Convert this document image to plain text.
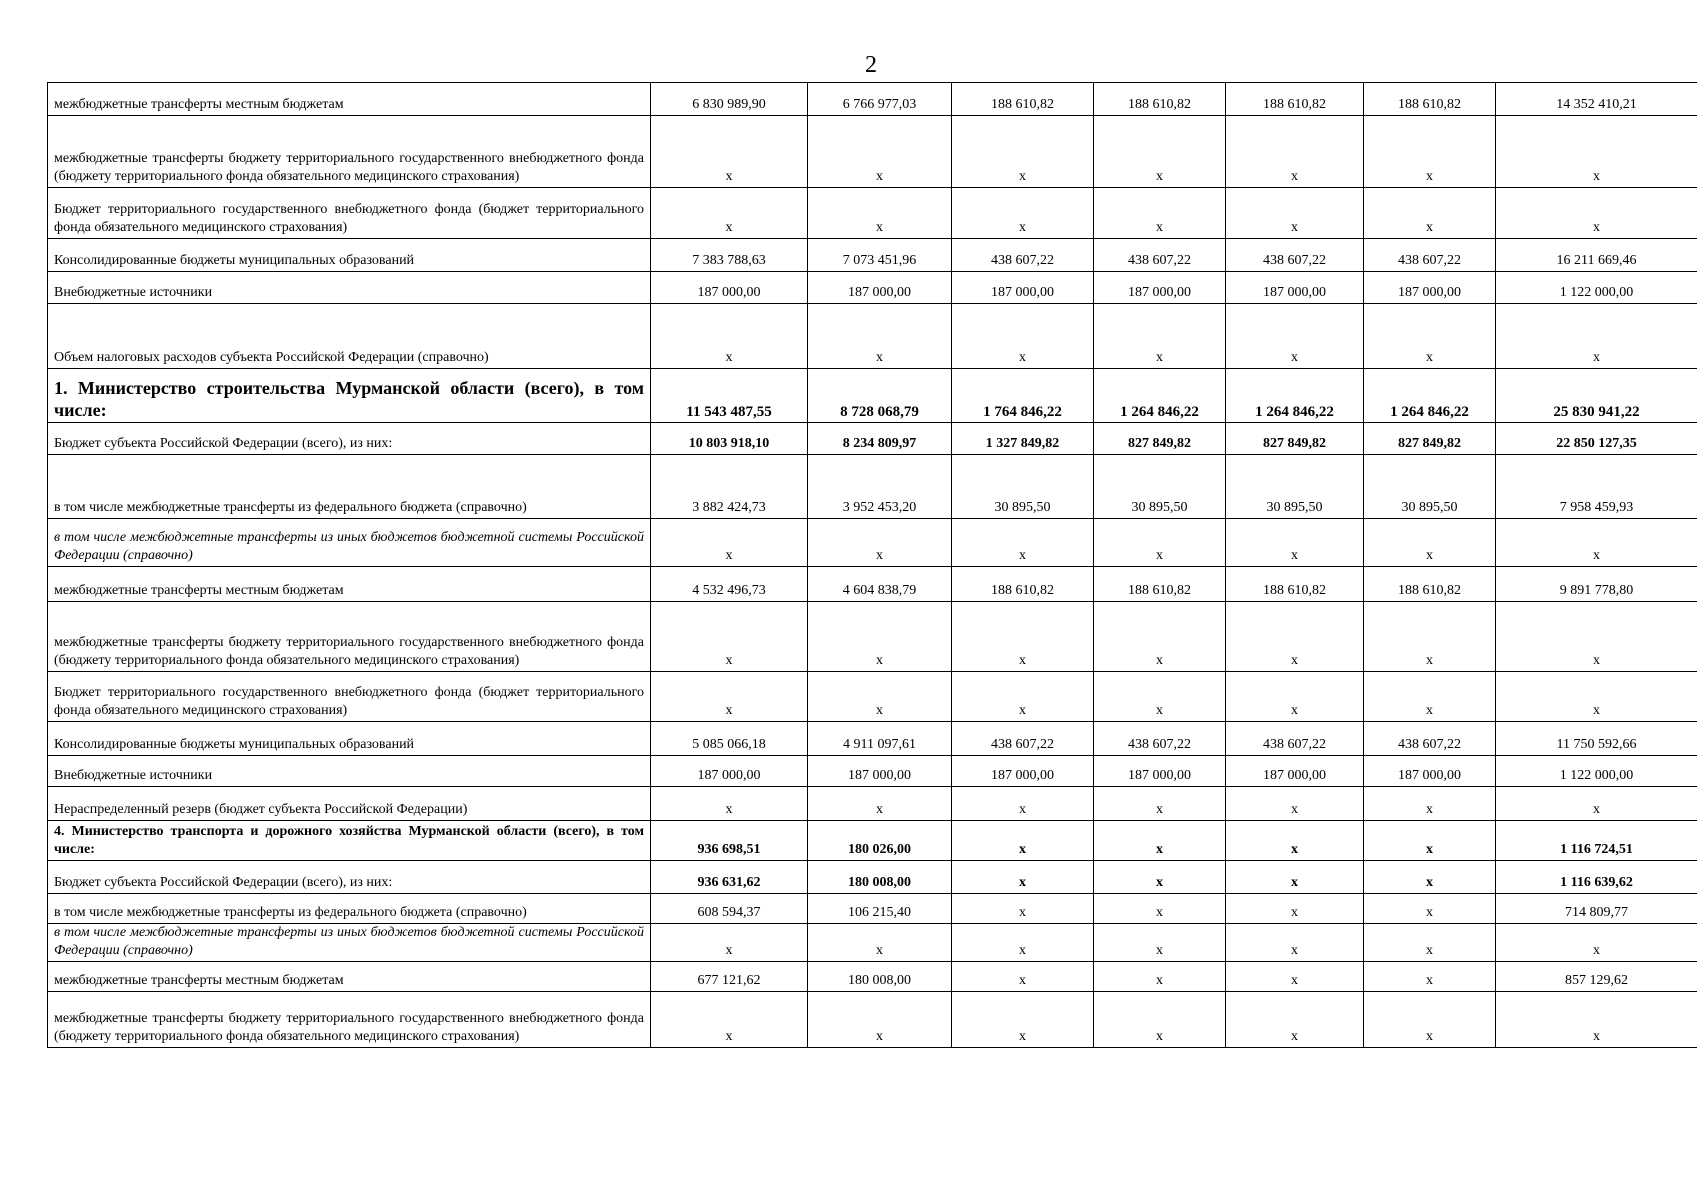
2
межбюджетные трансферты местным бюджетам	6 830 989,90	6 766 977,03	188 610,82	188 610,82	188 610,82	188 610,82	14 352 410,21
межбюджетные трансферты бюджету территориального государственного внебюджетного фонда (бюджету территориального фонда обязательного медицинского страхования)	x	x	x	x	x	x	x
Бюджет территориального государственного внебюджетного фонда (бюджет территориального фонда обязательного медицинского страхования)	x	x	x	x	x	x	x
Консолидированные бюджеты муниципальных образований	7 383 788,63	7 073 451,96	438 607,22	438 607,22	438 607,22	438 607,22	16 211 669,46
Внебюджетные источники	187 000,00	187 000,00	187 000,00	187 000,00	187 000,00	187 000,00	1 122 000,00
Объем налоговых расходов субъекта Российской Федерации (справочно)	x	x	x	x	x	x	x
1. Министерство строительства Мурманской области (всего), в том числе:	11 543 487,55	8 728 068,79	1 764 846,22	1 264 846,22	1 264 846,22	1 264 846,22	25 830 941,22
Бюджет субъекта Российской Федерации (всего), из них:	10 803 918,10	8 234 809,97	1 327 849,82	827 849,82	827 849,82	827 849,82	22 850 127,35
в том числе межбюджетные трансферты из федерального бюджета (справочно)	3 882 424,73	3 952 453,20	30 895,50	30 895,50	30 895,50	30 895,50	7 958 459,93
в том числе межбюджетные трансферты из иных бюджетов бюджетной системы Российской Федерации (справочно)	x	x	x	x	x	x	x
межбюджетные трансферты местным бюджетам	4 532 496,73	4 604 838,79	188 610,82	188 610,82	188 610,82	188 610,82	9 891 778,80
межбюджетные трансферты бюджету территориального государственного внебюджетного фонда (бюджету территориального фонда обязательного медицинского страхования)	x	x	x	x	x	x	x
Бюджет территориального государственного внебюджетного фонда (бюджет территориального фонда обязательного медицинского страхования)	x	x	x	x	x	x	x
Консолидированные бюджеты муниципальных образований	5 085 066,18	4 911 097,61	438 607,22	438 607,22	438 607,22	438 607,22	11 750 592,66
Внебюджетные источники	187 000,00	187 000,00	187 000,00	187 000,00	187 000,00	187 000,00	1 122 000,00
Нераспределенный резерв (бюджет субъекта Российской Федерации)	x	x	x	x	x	x	x
4. Министерство транспорта и дорожного хозяйства Мурманской области (всего), в том числе:	936 698,51	180 026,00	x	x	x	x	1 116 724,51
Бюджет субъекта Российской Федерации (всего), из них:	936 631,62	180 008,00	x	x	x	x	1 116 639,62
в том числе межбюджетные трансферты из федерального бюджета (справочно)	608 594,37	106 215,40	x	x	x	x	714 809,77
в том числе межбюджетные трансферты из иных бюджетов бюджетной системы Российской Федерации (справочно)	x	x	x	x	x	x	x
межбюджетные трансферты местным бюджетам	677 121,62	180 008,00	x	x	x	x	857 129,62
межбюджетные трансферты бюджету территориального государственного внебюджетного фонда (бюджету территориального фонда обязательного медицинского страхования)	x	x	x	x	x	x	x
